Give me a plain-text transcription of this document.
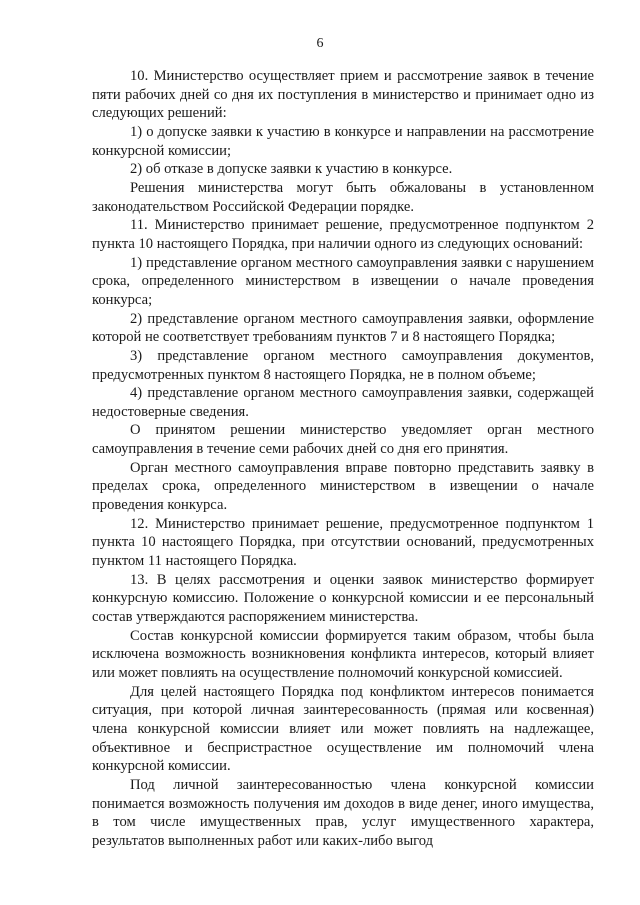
6

10. Министерство осуществляет прием и рассмотрение заявок в течение пяти рабочих дней со дня их поступления в министерство и принимает одно из следующих решений:

1) о допуске заявки к участию в конкурсе и направлении на рассмотрение конкурсной комиссии;

2) об отказе в допуске заявки к участию в конкурсе.

Решения министерства могут быть обжалованы в установленном законодательством Российской Федерации порядке.

11. Министерство принимает решение, предусмотренное подпунктом 2 пункта 10 настоящего Порядка, при наличии одного из следующих оснований:

1) представление органом местного самоуправления заявки с нарушением срока, определенного министерством в извещении о начале проведения конкурса;

2) представление органом местного самоуправления заявки, оформление которой не соответствует требованиям пунктов 7 и 8 настоящего Порядка;

3) представление органом местного самоуправления документов, предусмотренных пунктом 8 настоящего Порядка, не в полном объеме;

4) представление органом местного самоуправления заявки, содержащей недостоверные сведения.

О принятом решении министерство уведомляет орган местного самоуправления в течение семи рабочих дней со дня его принятия.

Орган местного самоуправления вправе повторно представить заявку в пределах срока, определенного министерством в извещении о начале проведения конкурса.

12. Министерство принимает решение, предусмотренное подпунктом 1 пункта 10 настоящего Порядка, при отсутствии оснований, предусмотренных пунктом 11 настоящего Порядка.

13. В целях рассмотрения и оценки заявок министерство формирует конкурсную комиссию. Положение о конкурсной комиссии и ее персональный состав утверждаются распоряжением министерства.

Состав конкурсной комиссии формируется таким образом, чтобы была исключена возможность возникновения конфликта интересов, который влияет или может повлиять на осуществление полномочий конкурсной комиссией.

Для целей настоящего Порядка под конфликтом интересов понимается ситуация, при которой личная заинтересованность (прямая или косвенная) члена конкурсной комиссии влияет или может повлиять на надлежащее, объективное и беспристрастное осуществление им полномочий члена конкурсной комиссии.

Под личной заинтересованностью члена конкурсной комиссии понимается возможность получения им доходов в виде денег, иного имущества, в том числе имущественных прав, услуг имущественного характера, результатов выполненных работ или каких-либо выгод
